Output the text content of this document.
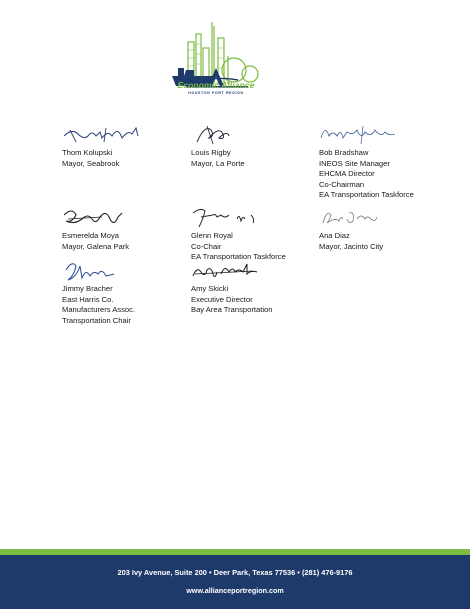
Economic Alliance
HOUSTON PORT REGION
Thom Kolupski
Mayor, Seabrook
Louis Rigby
Mayor, La Porte
Bob Bradshaw
INEOS Site Manager
EHCMA Director
Co-Chairman
EA Transportation Taskforce
Esmerelda Moya
Mayor, Galena Park
Glenn Royal
Co-Chair
EA Transportation Taskforce
Ana Diaz
Mayor, Jacinto City
Jimmy Bracher
East Harris Co.
Manufacturers Assoc.
Transportation Chair
Amy Skicki
Executive Director
Bay Area Transportation
203 Ivy Avenue, Suite 200 • Deer Park, Texas 77536 • (281) 476-9176
www.allianceportregion.com
